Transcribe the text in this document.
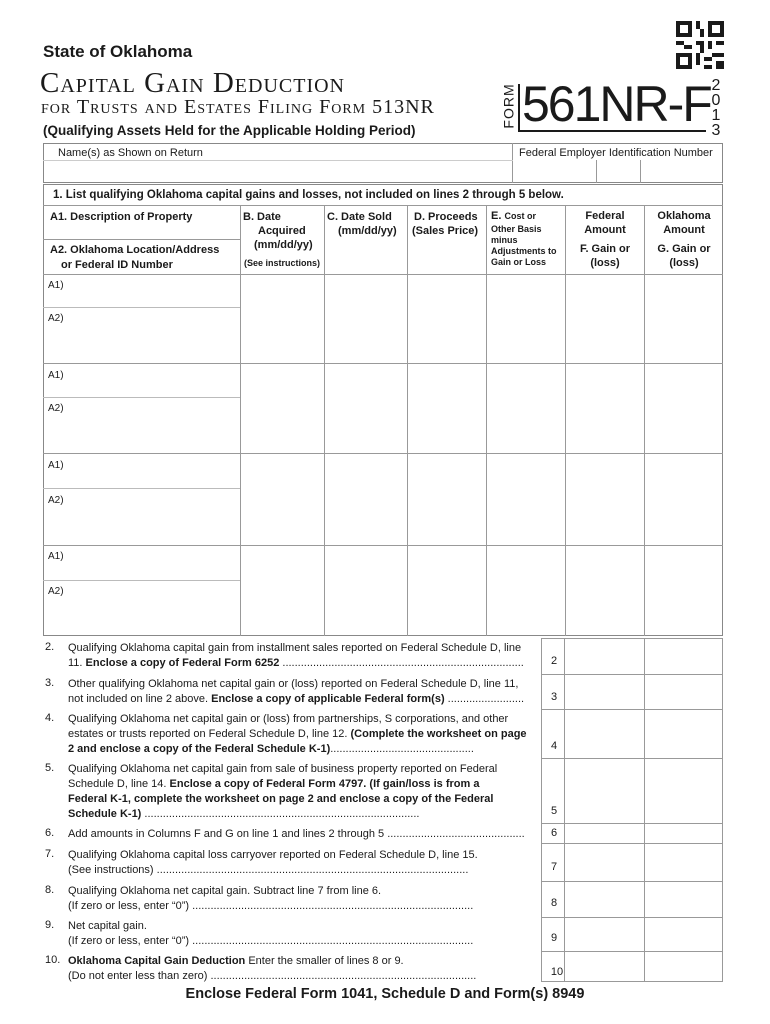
State of Oklahoma
Capital Gain Deduction
for Trusts and Estates Filing Form 513NR
(Qualifying Assets Held for the Applicable Holding Period)
FORM 561NR-F 2
0
1
3
Name(s) as Shown on Return	Federal Employer Identification Number
1. List qualifying Oklahoma capital gains and losses, not included on lines 2 through 5 below.
A1. Description of Property
A2. Oklahoma Location/Address
or Federal ID Number
B. Date
Acquired
(mm/dd/yy)
(See instructions)
C. Date Sold
(mm/dd/yy)
D. Proceeds
(Sales Price)
E. Cost or
Other Basis
minus
Adjustments to
Gain or Loss
Federal
Amount
F. Gain or
(loss)
Oklahoma
Amount
G. Gain or
(loss)
A1)
A2)
A1)
A2)
A1)
A2)
A1)
A2)
2. Qualifying Oklahoma capital gain from installment sales reported on Federal Schedule D, line
11. Enclose a copy of Federal Form 6252 ...............................................................................	2
3. Other qualifying Oklahoma net capital gain or (loss) reported on Federal Schedule D, line 11,
not included on line 2 above. Enclose a copy of applicable Federal form(s) .........................	3
4. Qualifying Oklahoma net capital gain or (loss) from partnerships, S corporations, and other
estates or trusts reported on Federal Schedule D, line 12. (Complete the worksheet on page
2 and enclose a copy of the Federal Schedule K-1)...............................................	4
5. Qualifying Oklahoma net capital gain from sale of business property reported on Federal
Schedule D, line 14. Enclose a copy of Federal Form 4797. (If gain/loss is from a
Federal K-1, complete the worksheet on page 2 and enclose a copy of the Federal
Schedule K-1) ..........................................................................................	5
6. Add amounts in Columns F and G on line 1 and lines 2 through 5 .............................................	6
7. Qualifying Oklahoma capital loss carryover reported on Federal Schedule D, line 15.
(See instructions) ......................................................................................................	7
8. Qualifying Oklahoma net capital gain. Subtract line 7 from line 6.
(If zero or less, enter “0”) ............................................................................................	8
9. Net capital gain.
(If zero or less, enter “0”) ............................................................................................	9
10. Oklahoma Capital Gain Deduction Enter the smaller of lines 8 or 9.
(Do not enter less than zero) .......................................................................................	10
Enclose Federal Form 1041, Schedule D and Form(s) 8949
